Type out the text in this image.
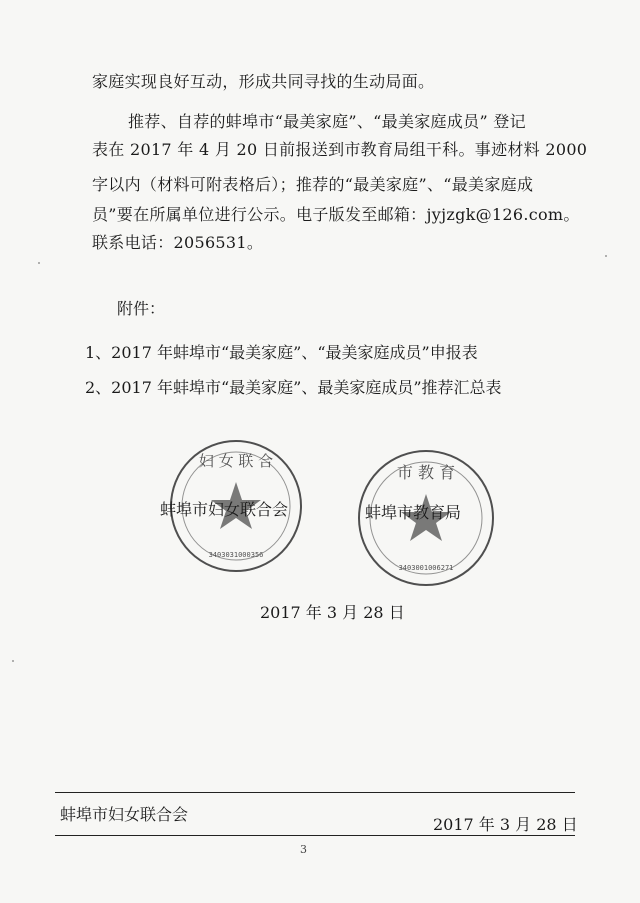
家庭实现良好互动，形成共同寻找的生动局面。
推荐、自荐的蚌埠市“最美家庭”、“最美家庭成员” 登记
表在 2017 年 4 月 20 日前报送到市教育局组干科。事迹材料 2000
字以内（材料可附表格后）；推荐的“最美家庭”、“最美家庭成
员”要在所属单位进行公示。电子版发至邮箱：jyjzgk@126.com。
联系电话：2056531。
附件：
1、2017 年蚌埠市“最美家庭”、“最美家庭成员”申报表
2、2017 年蚌埠市“最美家庭”、最美家庭成员”推荐汇总表
妇 女 联 合
3403031000356
蚌埠市妇女联合会
市 教 育
3403001006271
蚌埠市教育局
2017 年 3 月 28 日
蚌埠市妇女联合会
2017 年 3 月 28 日
3
